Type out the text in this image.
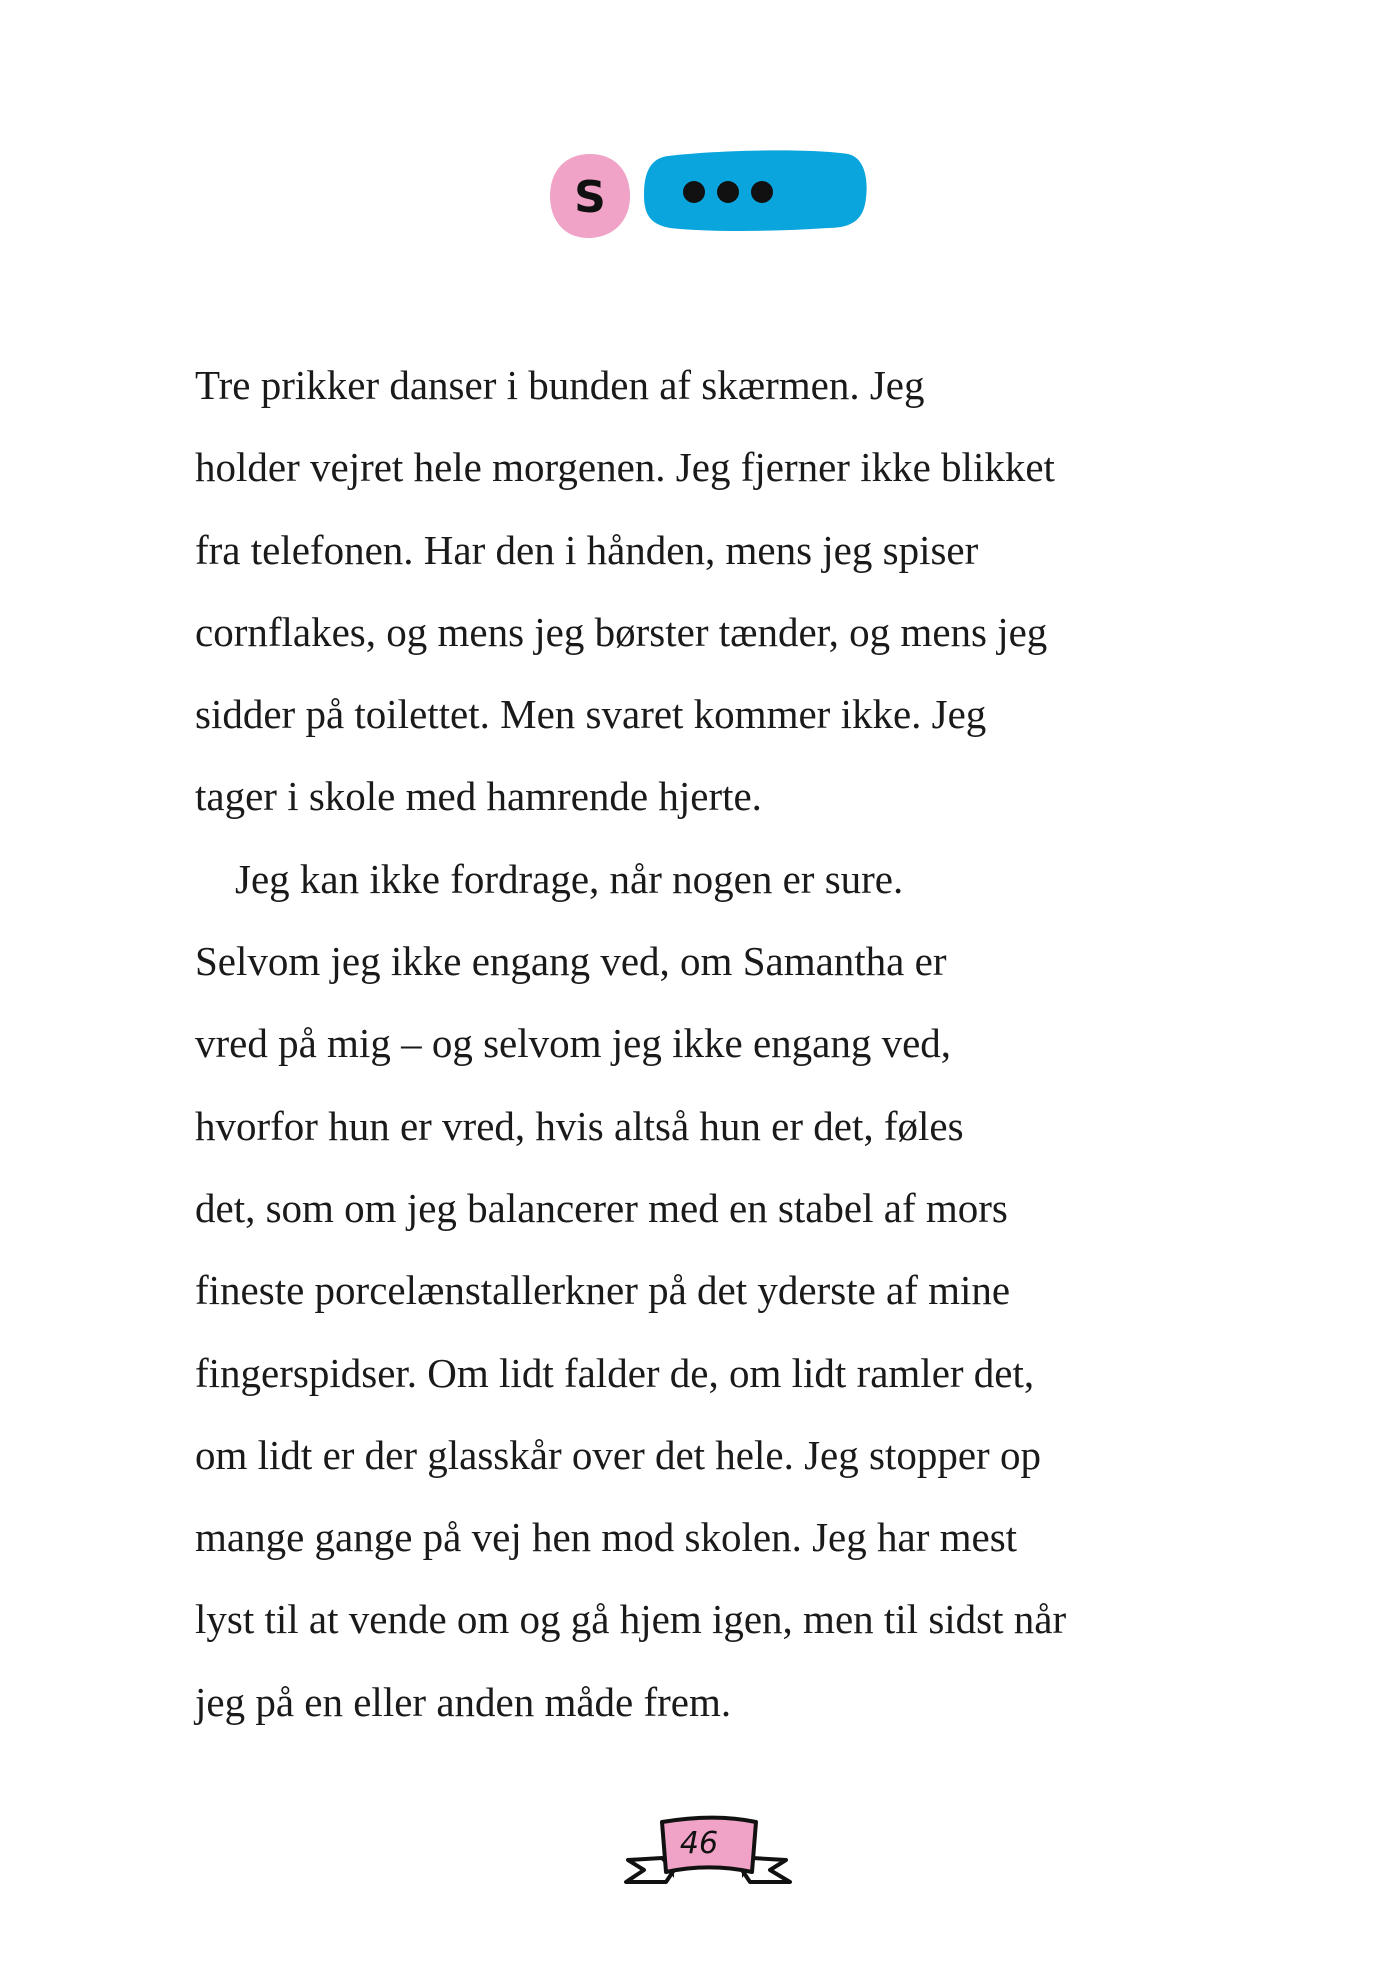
S
Tre prikker danser i bunden af skærmen. Jeg
holder vejret hele morgenen. Jeg fjerner ikke blikket
fra telefonen. Har den i hånden, mens jeg spiser
cornflakes, og mens jeg børster tænder, og mens jeg
sidder på toilettet. Men svaret kommer ikke. Jeg
tager i skole med hamrende hjerte.
Jeg kan ikke fordrage, når nogen er sure.
Selvom jeg ikke engang ved, om Samantha er
vred på mig – og selvom jeg ikke engang ved,
hvorfor hun er vred, hvis altså hun er det, føles
det, som om jeg balancerer med en stabel af mors
fineste porcelænstallerkner på det yderste af mine
fingerspidser. Om lidt falder de, om lidt ramler det,
om lidt er der glasskår over det hele. Jeg stopper op
mange gange på vej hen mod skolen. Jeg har mest
lyst til at vende om og gå hjem igen, men til sidst når
jeg på en eller anden måde frem.
46
